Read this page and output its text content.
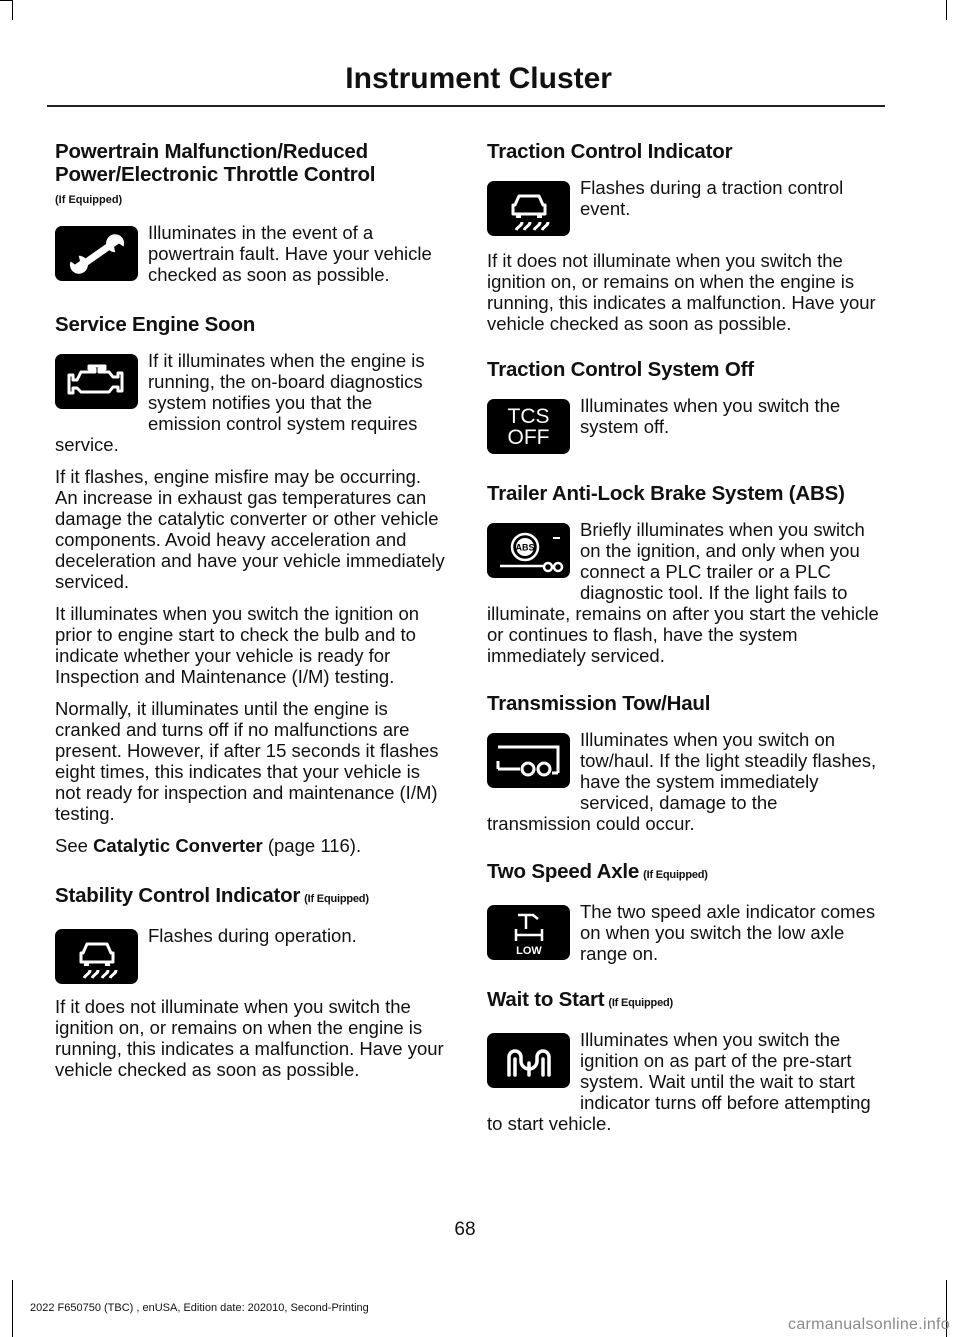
Instrument Cluster
Powertrain Malfunction/Reduced Power/Electronic Throttle Control
(If Equipped)

Illuminates in the event of a powertrain fault. Have your vehicle checked as soon as possible.

Service Engine Soon

If it illuminates when the engine is running, the on-board diagnostics system notifies you that the emission control system requires service.

If it flashes, engine misfire may be occurring. An increase in exhaust gas temperatures can damage the catalytic converter or other vehicle components. Avoid heavy acceleration and deceleration and have your vehicle immediately serviced.

It illuminates when you switch the ignition on prior to engine start to check the bulb and to indicate whether your vehicle is ready for Inspection and Maintenance (I/M) testing.

Normally, it illuminates until the engine is cranked and turns off if no malfunctions are present. However, if after 15 seconds it flashes eight times, this indicates that your vehicle is not ready for inspection and maintenance (I/M) testing.

See Catalytic Converter (page 116).

Stability Control Indicator (If Equipped)

Flashes during operation.

If it does not illuminate when you switch the ignition on, or remains on when the engine is running, this indicates a malfunction. Have your vehicle checked as soon as possible.

Traction Control Indicator

Flashes during a traction control event.

If it does not illuminate when you switch the ignition on, or remains on when the engine is running, this indicates a malfunction. Have your vehicle checked as soon as possible.

Traction Control System Off
TCS
OFF

Illuminates when you switch the system off.

Trailer Anti-Lock Brake System (ABS)
ABS

Briefly illuminates when you switch on the ignition, and only when you connect a PLC trailer or a PLC diagnostic tool. If the light fails to illuminate, remains on after you start the vehicle or continues to flash, have the system immediately serviced.

Transmission Tow/Haul

Illuminates when you switch on tow/haul. If the light steadily flashes, have the system immediately serviced, damage to the transmission could occur.

Two Speed Axle (If Equipped)
LOW

The two speed axle indicator comes on when you switch the low axle range on.

Wait to Start (If Equipped)

Illuminates when you switch the ignition on as part of the pre-start system. Wait until the wait to start indicator turns off before attempting to start vehicle.

68
2022 F650750 (TBC) , enUSA, Edition date: 202010, Second-Printing
carmanualsonline.info
